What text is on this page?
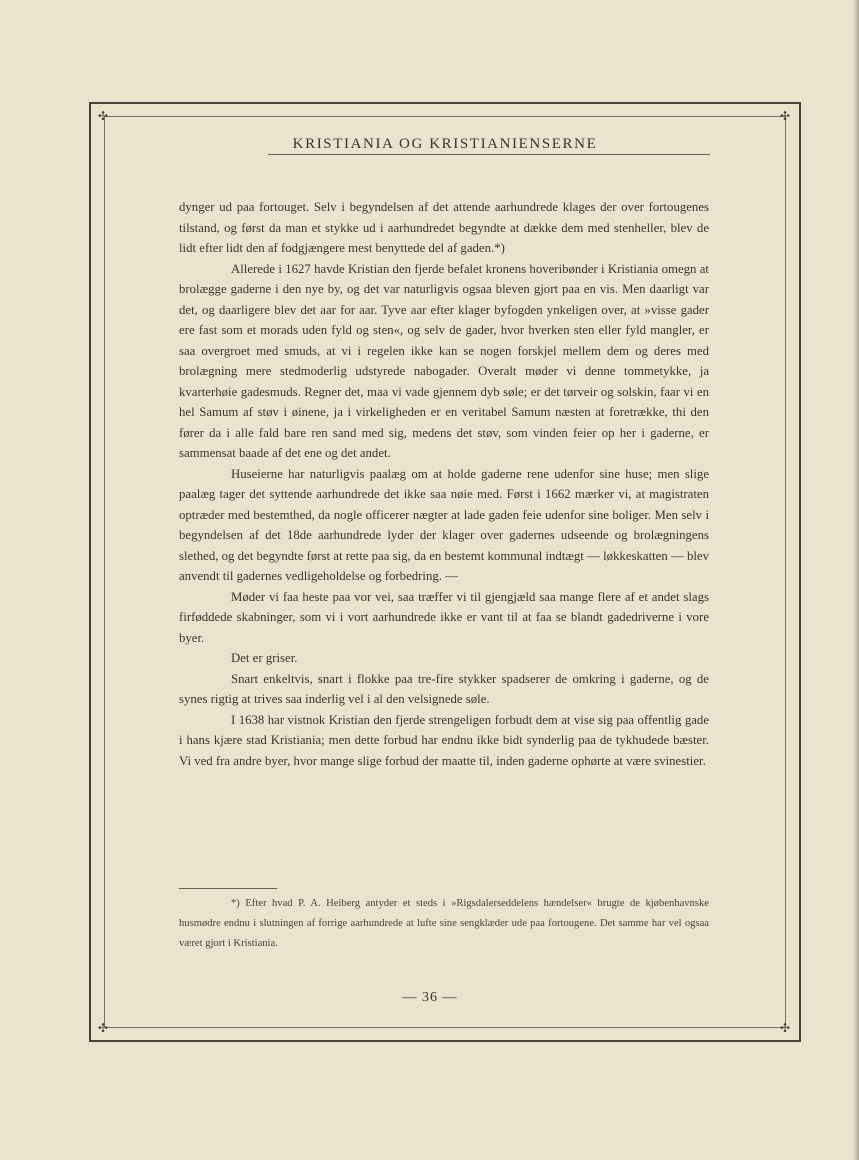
✣	✣
✣	✣
KRISTIANIA OG KRISTIANIENSERNE

dynger ud paa fortouget. Selv i begyndelsen af det attende aarhundrede klages der over fortougenes tilstand, og først da man et stykke ud i aarhundredet begyndte at dække dem med stenheller, blev de lidt efter lidt den af fodgjængere mest benyttede del af gaden.*)

Allerede i 1627 havde Kristian den fjerde befalet kronens hoveribønder i Kristiania omegn at brolægge gaderne i den nye by, og det var naturligvis ogsaa bleven gjort paa en vis. Men daarligt var det, og daarligere blev det aar for aar. Tyve aar efter klager byfogden ynkeligen over, at »visse gader ere fast som et morads uden fyld og sten«, og selv de gader, hvor hverken sten eller fyld mangler, er saa overgroet med smuds, at vi i regelen ikke kan se nogen forskjel mellem dem og deres med brolægning mere stedmoderlig udstyrede nabogader. Overalt møder vi denne tommetykke, ja kvarterhøie gadesmuds. Regner det, maa vi vade gjennem dyb søle; er det tørveir og solskin, faar vi en hel Samum af støv i øinene, ja i virkeligheden er en veritabel Samum næsten at foretrække, thi den fører da i alle fald bare ren sand med sig, medens det støv, som vinden feier op her i gaderne, er sammensat baade af det ene og det andet.

Huseierne har naturligvis paalæg om at holde gaderne rene udenfor sine huse; men slige paalæg tager det syttende aarhundrede det ikke saa nøie med. Først i 1662 mærker vi, at magistraten optræder med bestemthed, da nogle officerer nægter at lade gaden feie udenfor sine boliger. Men selv i begyndelsen af det 18de aarhundrede lyder der klager over gadernes udseende og brolægningens slethed, og det begyndte først at rette paa sig, da en bestemt kommunal indtægt — løkkeskatten — blev anvendt til gadernes vedligeholdelse og forbedring. —

Møder vi faa heste paa vor vei, saa træffer vi til gjengjæld saa mange flere af et andet slags firføddede skabninger, som vi i vort aarhundrede ikke er vant til at faa se blandt gadedriverne i vore byer.

Det er griser.

Snart enkeltvis, snart i flokke paa tre-fire stykker spadserer de omkring i gaderne, og de synes rigtig at trives saa inderlig vel i al den velsignede søle.

I 1638 har vistnok Kristian den fjerde strengeligen forbudt dem at vise sig paa offentlig gade i hans kjære stad Kristiania; men dette forbud har endnu ikke bidt synderlig paa de tykhudede bæster. Vi ved fra andre byer, hvor mange slige forbud der maatte til, inden gaderne ophørte at være svinestier.

*) Efter hvad P. A. Heiberg antyder et steds i »Rigsdalerseddelens hændelser« brugte de kjøbenhavnske husmødre endnu i slutningen af forrige aarhundrede at lufte sine sengklæder ude paa fortougene. Det samme har vel ogsaa været gjort i Kristiania.

— 36 —
